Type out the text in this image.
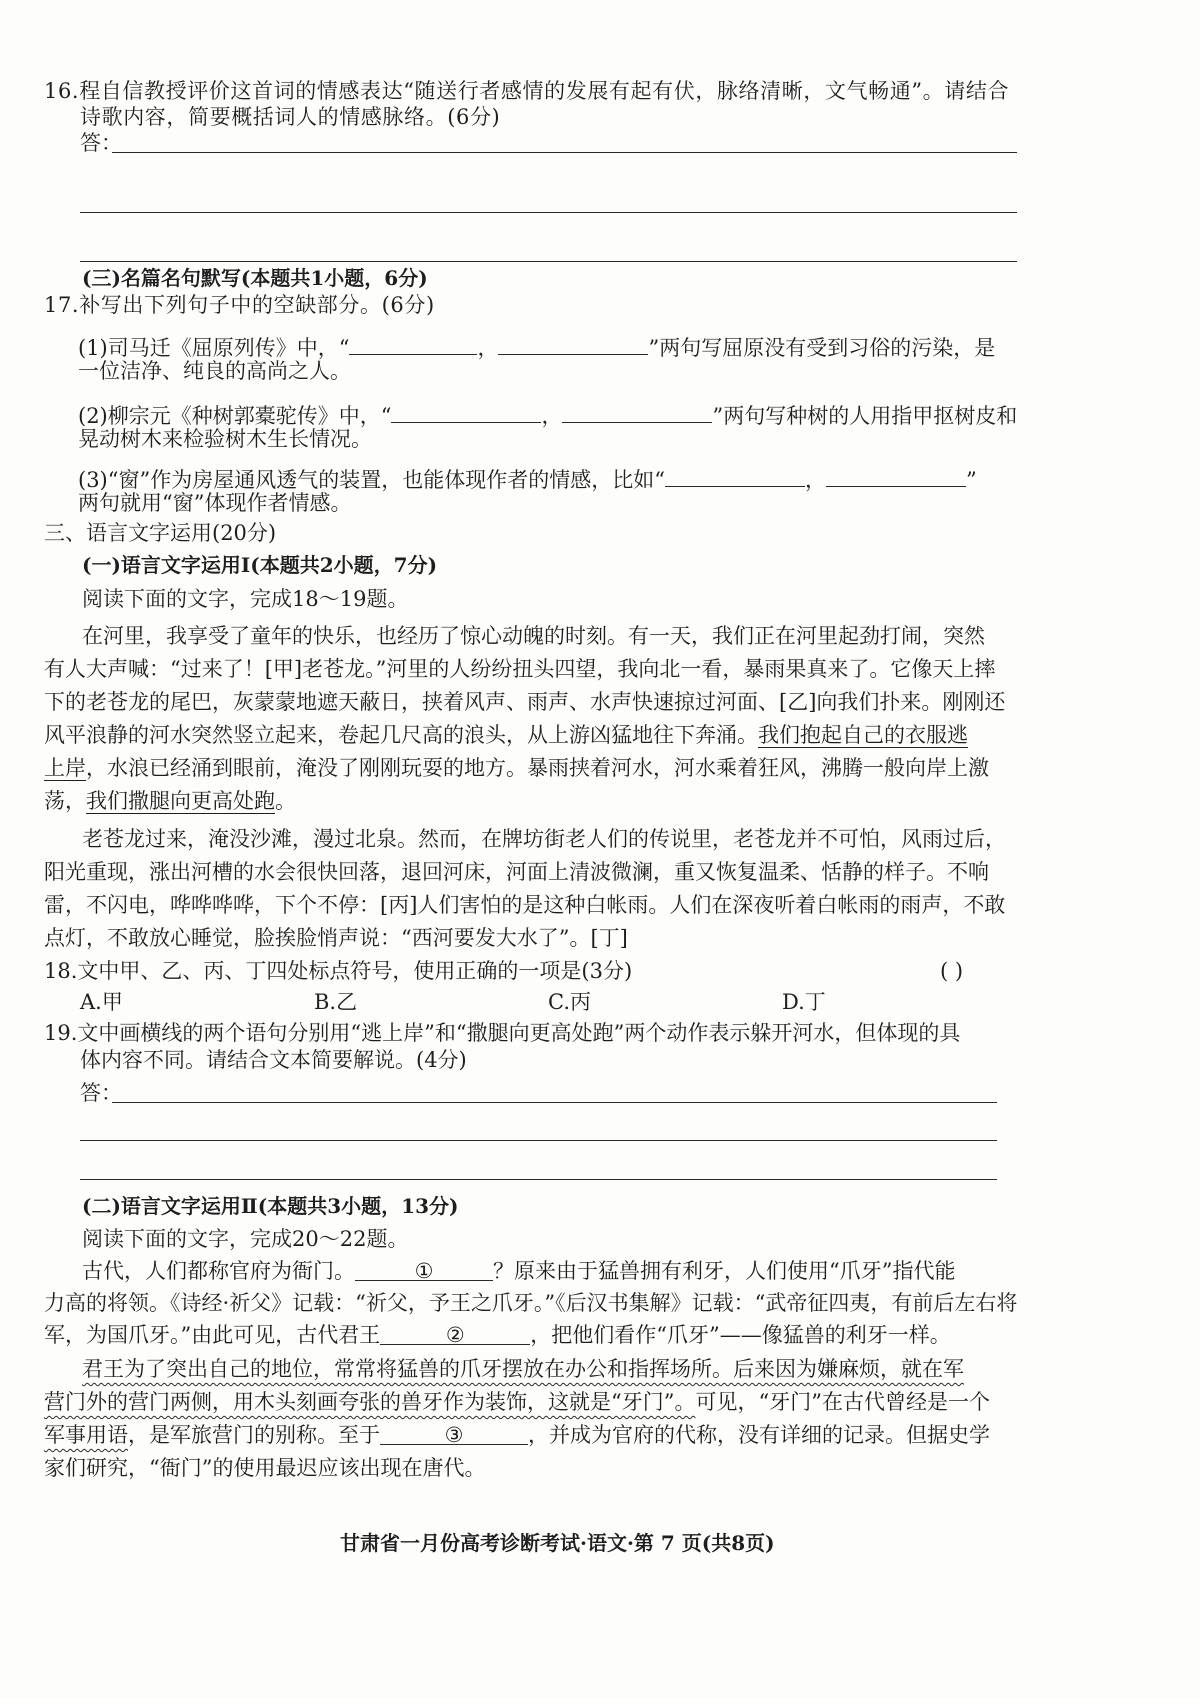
16.程自信教授评价这首词的情感表达“随送行者感情的发展有起有伏，脉络清晰，文气畅通”。请结合
诗歌内容，简要概括词人的情感脉络。(6分)
答：
(三)名篇名句默写(本题共1小题，6分)
17.补写出下列句子中的空缺部分。(6分)
(1)司马迁《屈原列传》中，“	，	”两句写屈原没有受到习俗的污染，是
一位洁净、纯良的高尚之人。
(2)柳宗元《种树郭橐驼传》中，“	，	”两句写种树的人用指甲抠树皮和
晃动树木来检验树木生长情况。
(3)“窗”作为房屋通风透气的装置，也能体现作者的情感，比如“	，	”
两句就用“窗”体现作者情感。
三、语言文字运用(20分)
(一)语言文字运用Ⅰ(本题共2小题，7分)
阅读下面的文字，完成18～19题。
在河里，我享受了童年的快乐，也经历了惊心动魄的时刻。有一天，我们正在河里起劲打闹，突然
有人大声喊：“过来了！[甲]老苍龙。”河里的人纷纷扭头四望，我向北一看，暴雨果真来了。它像天上摔
下的老苍龙的尾巴，灰蒙蒙地遮天蔽日，挟着风声、雨声、水声快速掠过河面、[乙]向我们扑来。刚刚还
风平浪静的河水突然竖立起来，卷起几尺高的浪头，从上游凶猛地往下奔涌。我们抱起自己的衣服逃
上岸，水浪已经涌到眼前，淹没了刚刚玩耍的地方。暴雨挟着河水，河水乘着狂风，沸腾一般向岸上激
荡，我们撒腿向更高处跑。
老苍龙过来，淹没沙滩，漫过北泉。然而，在牌坊街老人们的传说里，老苍龙并不可怕，风雨过后，
阳光重现，涨出河槽的水会很快回落，退回河床，河面上清波微澜，重又恢复温柔、恬静的样子。不响
雷，不闪电，哗哗哗哗，下个不停：[丙]人们害怕的是这种白帐雨。人们在深夜听着白帐雨的雨声，不敢
点灯，不敢放心睡觉，脸挨脸悄声说：“西河要发大水了”。[丁]
18.文中甲、乙、丙、丁四处标点符号，使用正确的一项是(3分)	( )
A.甲	B.乙	C.丙	D.丁
19.文中画横线的两个语句分别用“逃上岸”和“撒腿向更高处跑”两个动作表示躲开河水，但体现的具
体内容不同。请结合文本简要解说。(4分)
答：
(二)语言文字运用Ⅱ(本题共3小题，13分)
阅读下面的文字，完成20～22题。
古代，人们都称官府为衙门。	①	？原来由于猛兽拥有利牙，人们使用“爪牙”指代能
力高的将领。《诗经·祈父》记载：“祈父，予王之爪牙。”《后汉书集解》记载：“武帝征四夷，有前后左右将
军，为国爪牙。”由此可见，古代君王	②	，把他们看作“爪牙”——像猛兽的利牙一样。
君王为了突出自己的地位，常常将猛兽的爪牙摆放在办公和指挥场所。后来因为嫌麻烦，就在军
营门外的营门两侧，用木头刻画夸张的兽牙作为装饰，这就是“牙门”。可见，“牙门”在古代曾经是一个
军事用语，是军旅营门的别称。至于	③	，并成为官府的代称，没有详细的记录。但据史学
家们研究，“衙门”的使用最迟应该出现在唐代。
甘肃省一月份高考诊断考试·语文·第 7 页(共8页)
